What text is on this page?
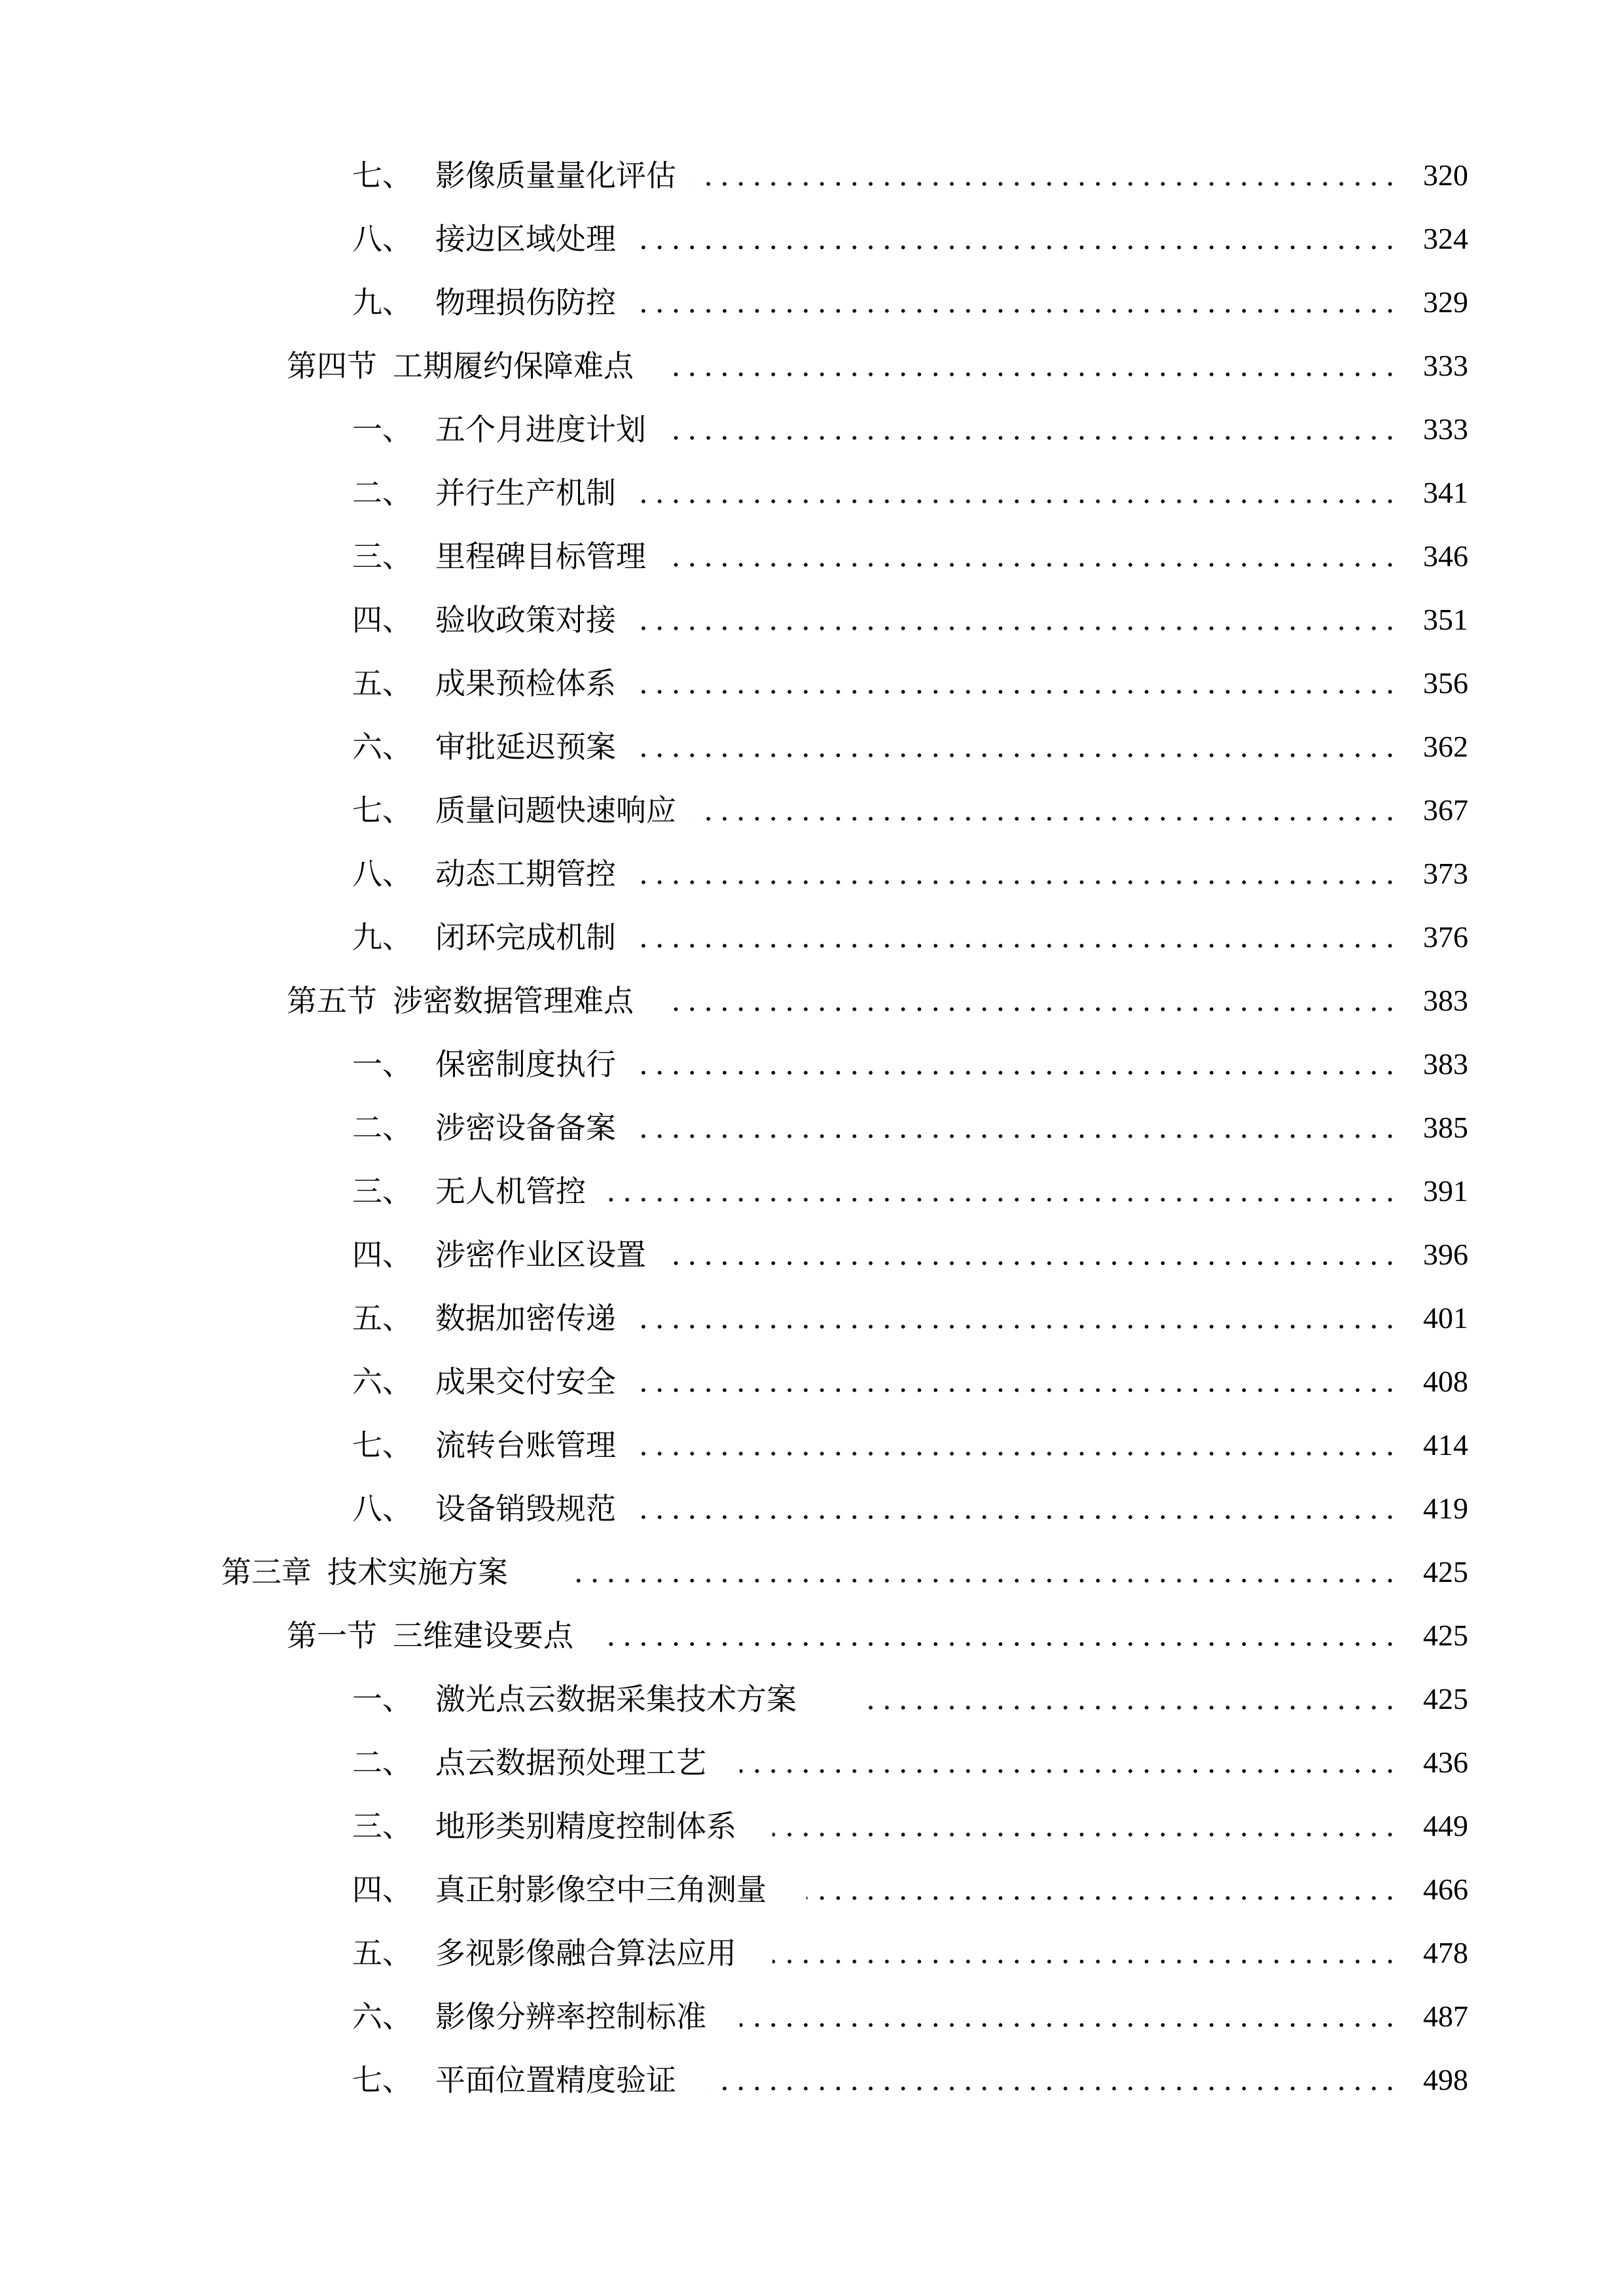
七、 影像质量量化评估	320
八、 接边区域处理	324
九、 物理损伤防控	329
第四节 工期履约保障难点	333
一、 五个月进度计划	333
二、 并行生产机制	341
三、 里程碑目标管理	346
四、 验收政策对接	351
五、 成果预检体系	356
六、 审批延迟预案	362
七、 质量问题快速响应	367
八、 动态工期管控	373
九、 闭环完成机制	376
第五节 涉密数据管理难点	383
一、 保密制度执行	383
二、 涉密设备备案	385
三、 无人机管控	391
四、 涉密作业区设置	396
五、 数据加密传递	401
六、 成果交付安全	408
七、 流转台账管理	414
八、 设备销毁规范	419
第三章 技术实施方案	425
第一节 三维建设要点	425
一、 激光点云数据采集技术方案	425
二、 点云数据预处理工艺	436
三、 地形类别精度控制体系	449
四、 真正射影像空中三角测量	466
五、 多视影像融合算法应用	478
六、 影像分辨率控制标准	487
七、 平面位置精度验证	498
